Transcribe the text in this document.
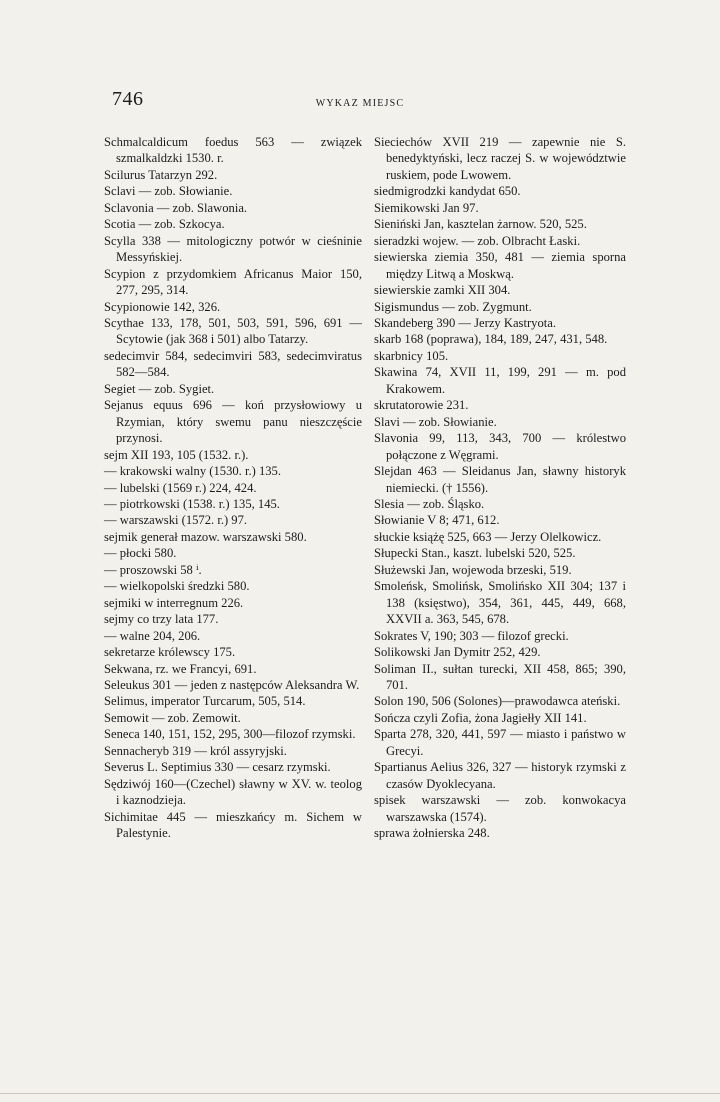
746	WYKAZ MIEJSC

Schmalcaldicum foedus 563 — związek szmalkaldzki 1530. r.

Scilurus Tatarzyn 292.

Sclavi — zob. Słowianie.

Sclavonia — zob. Slawonia.

Scotia — zob. Szkocya.

Scylla 338 — mitologiczny potwór w cieśninie Messyńskiej.

Scypion z przydomkiem Africanus Maior 150, 277, 295, 314.

Scypionowie 142, 326.

Scythae 133, 178, 501, 503, 591, 596, 691 — Scytowie (jak 368 i 501) albo Tatarzy.

sedecimvir 584, sedecimviri 583, sedecimviratus 582—584.

Segiet — zob. Sygiet.

Sejanus equus 696 — koń przysłowiowy u Rzymian, który swemu panu nieszczęście przynosi.

sejm XII 193, 105 (1532. r.).

— krakowski walny (1530. r.) 135.

— lubelski (1569 r.) 224, 424.

— piotrkowski (1538. r.) 135, 145.

— warszawski (1572. r.) 97.

sejmik generał mazow. warszawski 580.

— płocki 580.

— proszowski 58 ⁱ.

— wielkopolski średzki 580.

sejmiki w interregnum 226.

sejmy co trzy lata 177.

— walne 204, 206.

sekretarze królewscy 175.

Sekwana, rz. we Francyi, 691.

Seleukus 301 — jeden z następców Aleksandra W.

Selimus, imperator Turcarum, 505, 514.

Semowit — zob. Zemowit.

Seneca 140, 151, 152, 295, 300—filozof rzymski.

Sennacheryb 319 — król assyryjski.

Severus L. Septimius 330 — cesarz rzymski.

Sędziwój 160—(Czechel) sławny w XV. w. teolog i kaznodzieja.

Sichimitae 445 — mieszkańcy m. Sichem w Palestynie.

Sieciechów XVII 219 — zapewnie nie S. benedyktyński, lecz raczej S. w województwie ruskiem, pode Lwowem.

siedmigrodzki kandydat 650.

Siemikowski Jan 97.

Sieniński Jan, kasztelan żarnow. 520, 525.

sieradzki wojew. — zob. Olbracht Łaski.

siewierska ziemia 350, 481 — ziemia sporna między Litwą a Moskwą.

siewierskie zamki XII 304.

Sigismundus — zob. Zygmunt.

Skandeberg 390 — Jerzy Kastryota.

skarb 168 (poprawa), 184, 189, 247, 431, 548.

skarbnicy 105.

Skawina 74, XVII 11, 199, 291 — m. pod Krakowem.

skrutatorowie 231.

Slavi — zob. Słowianie.

Slavonia 99, 113, 343, 700 — królestwo połączone z Węgrami.

Slejdan 463 — Sleidanus Jan, sławny historyk niemiecki. († 1556).

Slesia — zob. Śląsko.

Słowianie V 8; 471, 612.

słuckie książę 525, 663 — Jerzy Olelkowicz.

Słupecki Stan., kaszt. lubelski 520, 525.

Służewski Jan, wojewoda brzeski, 519.

Smoleńsk, Smolińsk, Smolińsko XII 304; 137 i 138 (księstwo), 354, 361, 445, 449, 668, XXVII a. 363, 545, 678.

Sokrates V, 190; 303 — filozof grecki.

Solikowski Jan Dymitr 252, 429.

Soliman II., sułtan turecki, XII 458, 865; 390, 701.

Solon 190, 506 (Solones)—prawodawca ateński.

Sończa czyli Zofia, żona Jagiełły XII 141.

Sparta 278, 320, 441, 597 — miasto i państwo w Grecyi.

Spartianus Aelius 326, 327 — historyk rzymski z czasów Dyoklecyana.

spisek warszawski — zob. konwokacya warszawska (1574).

sprawa żołnierska 248.
